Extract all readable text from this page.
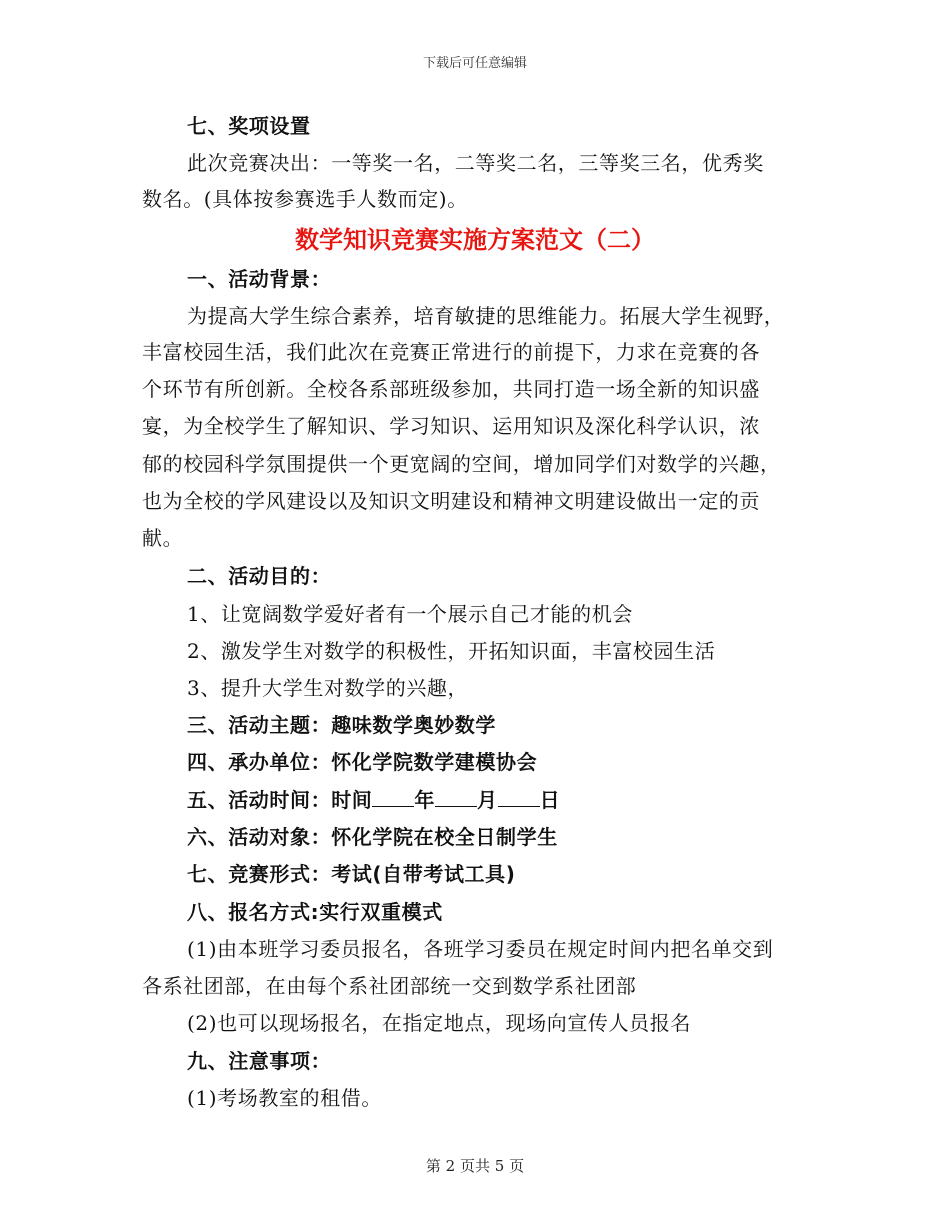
下载后可任意编辑
七、奖项设置
此次竞赛决出：一等奖一名，二等奖二名，三等奖三名，优秀奖
数名。(具体按参赛选手人数而定)。
数学知识竞赛实施方案范文（二）
一、活动背景：
为提高大学生综合素养，培育敏捷的思维能力。拓展大学生视野，
丰富校园生活，我们此次在竞赛正常进行的前提下，力求在竞赛的各
个环节有所创新。全校各系部班级参加，共同打造一场全新的知识盛
宴，为全校学生了解知识、学习知识、运用知识及深化科学认识，浓
郁的校园科学氛围提供一个更宽阔的空间，增加同学们对数学的兴趣，
也为全校的学风建设以及知识文明建设和精神文明建设做出一定的贡
献。
二、活动目的：
1、让宽阔数学爱好者有一个展示自己才能的机会
2、激发学生对数学的积极性，开拓知识面，丰富校园生活
3、提升大学生对数学的兴趣，
三、活动主题：趣味数学奥妙数学
四、承办单位：怀化学院数学建模协会
五、活动时间：时间 年 月 日
六、活动对象：怀化学院在校全日制学生
七、竞赛形式：考试(自带考试工具)
八、报名方式:实行双重模式
(1)由本班学习委员报名，各班学习委员在规定时间内把名单交到
各系社团部，在由每个系社团部统一交到数学系社团部
(2)也可以现场报名，在指定地点，现场向宣传人员报名
九、注意事项：
(1)考场教室的租借。
第 2 页共 5 页
